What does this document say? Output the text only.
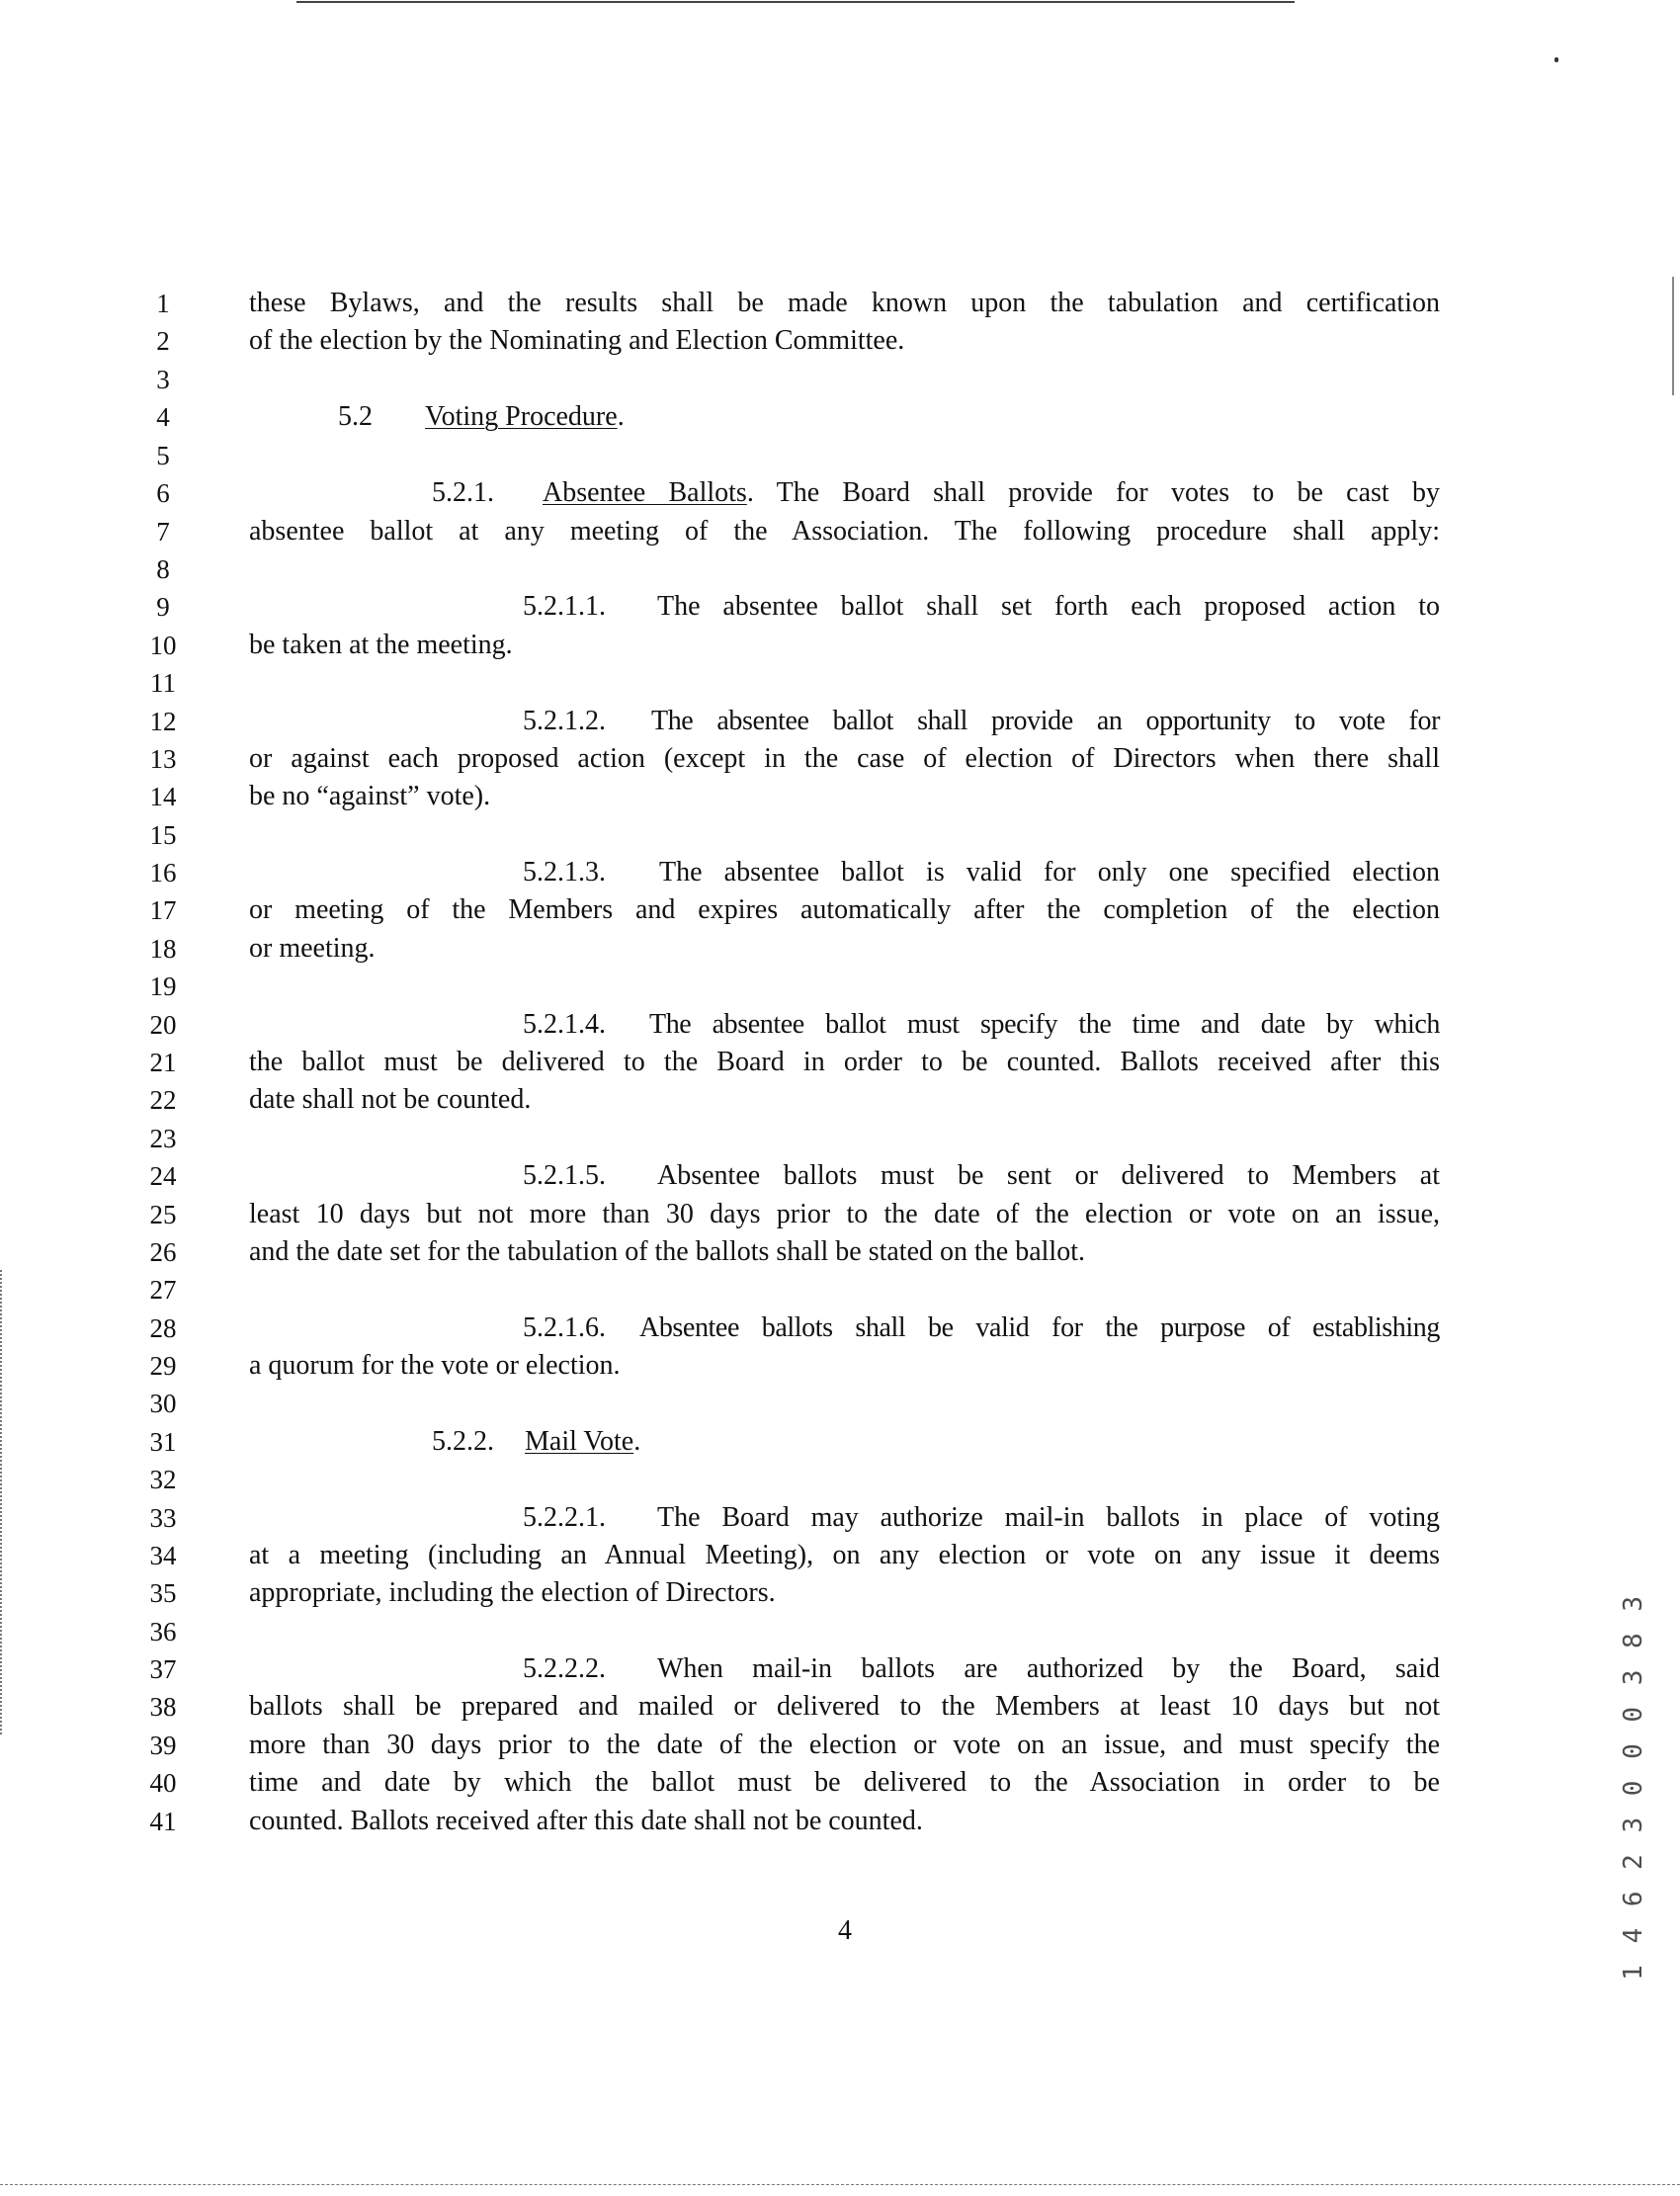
1
2
3
4
5
6
7
8
9
10
11
12
13
14
15
16
17
18
19
20
21
22
23
24
25
26
27
28
29
30
31
32
33
34
35
36
37
38
39
40
41
these Bylaws, and the results shall be made known upon the tabulation and certification
of the election by the Nominating and Election Committee.
absentee ballot at any meeting of the Association. The following procedure shall apply:
be taken at the meeting.
or against each proposed action (except in the case of election of Directors when there shall
be no “against” vote).
or meeting of the Members and expires automatically after the completion of the election
or meeting.
the ballot must be delivered to the Board in order to be counted. Ballots received after this
date shall not be counted.
least 10 days but not more than 30 days prior to the date of the election or vote on an issue,
and the date set for the tabulation of the ballots shall be stated on the ballot.
a quorum for the vote or election.
at a meeting (including an Annual Meeting), on any election or vote on any issue it deems
appropriate, including the election of Directors.
ballots shall be prepared and mailed or delivered to the Members at least 10 days but not
more than 30 days prior to the date of the election or vote on an issue, and must specify the
time and date by which the ballot must be delivered to the Association in order to be
counted. Ballots received after this date shall not be counted.
5.2 Voting Procedure.
5.2.1. Absentee Ballots. The Board shall provide for votes to be cast by
5.2.1.1. The absentee ballot shall set forth each proposed action to
5.2.1.2. The absentee ballot shall provide an opportunity to vote for
5.2.1.3. The absentee ballot is valid for only one specified election
5.2.1.4. The absentee ballot must specify the time and date by which
5.2.1.5. Absentee ballots must be sent or delivered to Members at
5.2.1.6. Absentee ballots shall be valid for the purpose of establishing
5.2.2. Mail Vote.
5.2.2.1. The Board may authorize mail-in ballots in place of voting
5.2.2.2. When mail-in ballots are authorized by the Board, said
4	1 4 6 2 3 0 0 0 3 8 3
